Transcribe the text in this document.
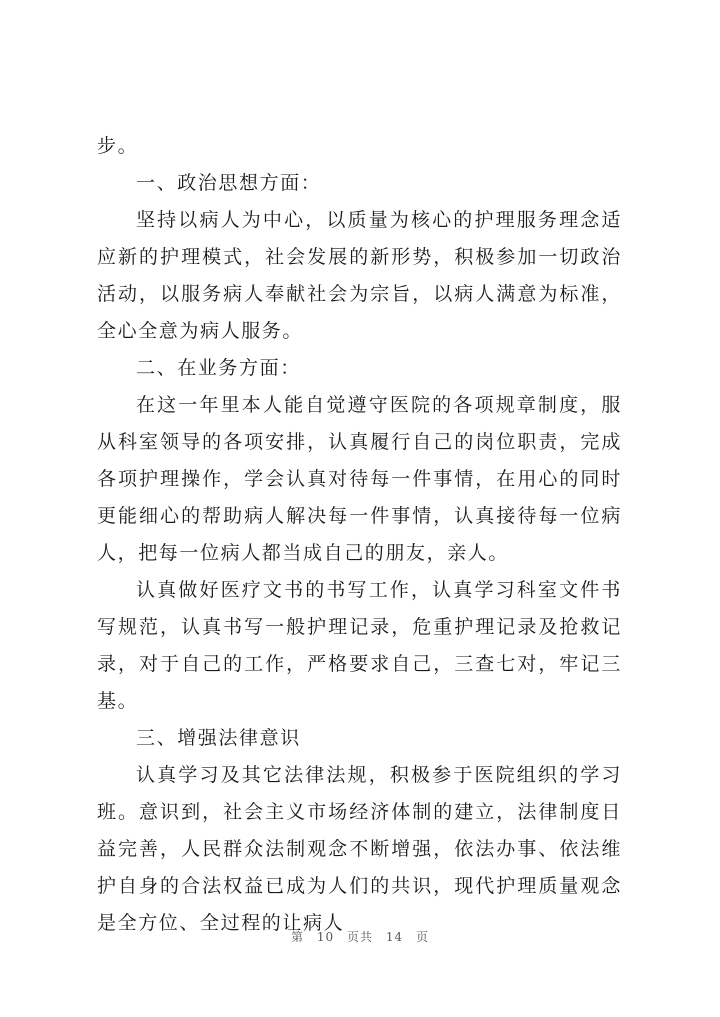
步。

一、政治思想方面：

坚持以病人为中心，以质量为核心的护理服务理念适应新的护理模式，社会发展的新形势，积极参加一切政治活动，以服务病人奉献社会为宗旨，以病人满意为标准，全心全意为病人服务。

二、在业务方面：

在这一年里本人能自觉遵守医院的各项规章制度，服从科室领导的各项安排，认真履行自己的岗位职责，完成各项护理操作，学会认真对待每一件事情，在用心的同时更能细心的帮助病人解决每一件事情，认真接待每一位病人，把每一位病人都当成自己的朋友，亲人。

认真做好医疗文书的书写工作，认真学习科室文件书写规范，认真书写一般护理记录，危重护理记录及抢救记录，对于自己的工作，严格要求自己，三查七对，牢记三基。

三、增强法律意识

认真学习及其它法律法规，积极参于医院组织的学习班。意识到，社会主义市场经济体制的建立，法律制度日益完善，人民群众法制观念不断增强，依法办事、依法维护自身的合法权益已成为人们的共识，现代护理质量观念是全方位、全过程的让病人

第 10 页共 14 页
